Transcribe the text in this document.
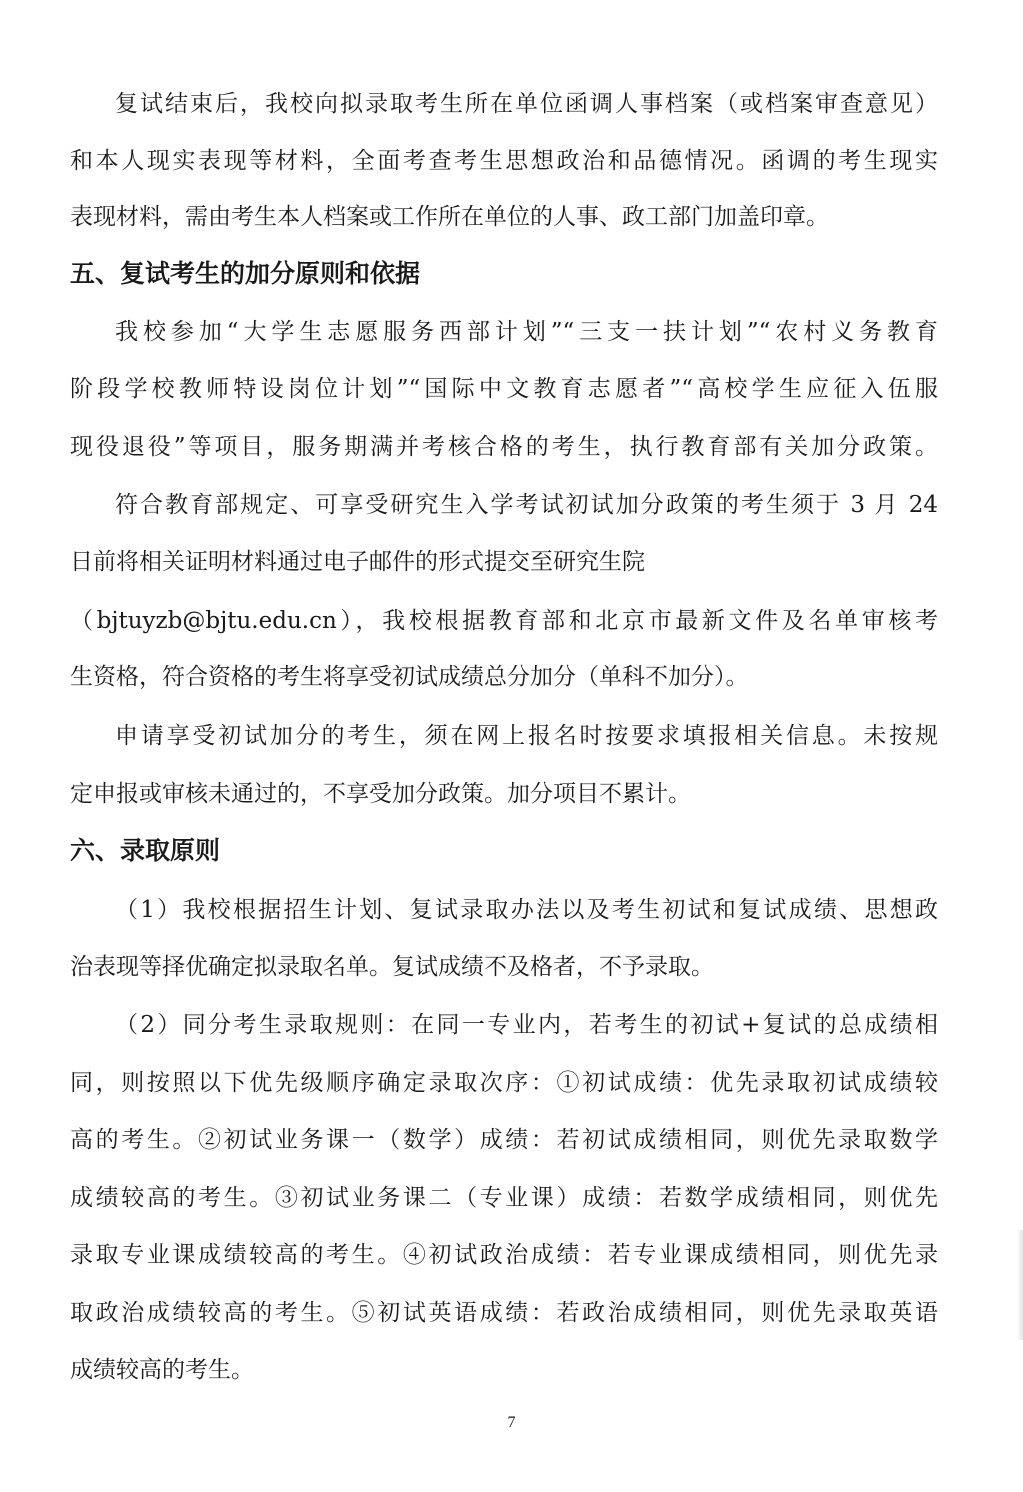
复试结束后，我校向拟录取考生所在单位函调人事档案（或档案审查意见）
和本人现实表现等材料，全面考查考生思想政治和品德情况。函调的考生现实
表现材料，需由考生本人档案或工作所在单位的人事、政工部门加盖印章。
五、复试考生的加分原则和依据
我校参加“大学生志愿服务西部计划”“三支一扶计划”“农村义务教育
阶段学校教师特设岗位计划”“国际中文教育志愿者”“高校学生应征入伍服
现役退役”等项目，服务期满并考核合格的考生，执行教育部有关加分政策。
符合教育部规定、可享受研究生入学考试初试加分政策的考生须于 3 月 24
日前将相关证明材料通过电子邮件的形式提交至研究生院
（bjtuyzb@bjtu.edu.cn），我校根据教育部和北京市最新文件及名单审核考
生资格，符合资格的考生将享受初试成绩总分加分（单科不加分）。
申请享受初试加分的考生，须在网上报名时按要求填报相关信息。未按规
定申报或审核未通过的，不享受加分政策。加分项目不累计。
六、录取原则
（1）我校根据招生计划、复试录取办法以及考生初试和复试成绩、思想政
治表现等择优确定拟录取名单。复试成绩不及格者，不予录取。
（2）同分考生录取规则：在同一专业内，若考生的初试+复试的总成绩相
同，则按照以下优先级顺序确定录取次序：①初试成绩：优先录取初试成绩较
高的考生。②初试业务课一（数学）成绩：若初试成绩相同，则优先录取数学
成绩较高的考生。③初试业务课二（专业课）成绩：若数学成绩相同，则优先
录取专业课成绩较高的考生。④初试政治成绩：若专业课成绩相同，则优先录
取政治成绩较高的考生。⑤初试英语成绩：若政治成绩相同，则优先录取英语
成绩较高的考生。
7
